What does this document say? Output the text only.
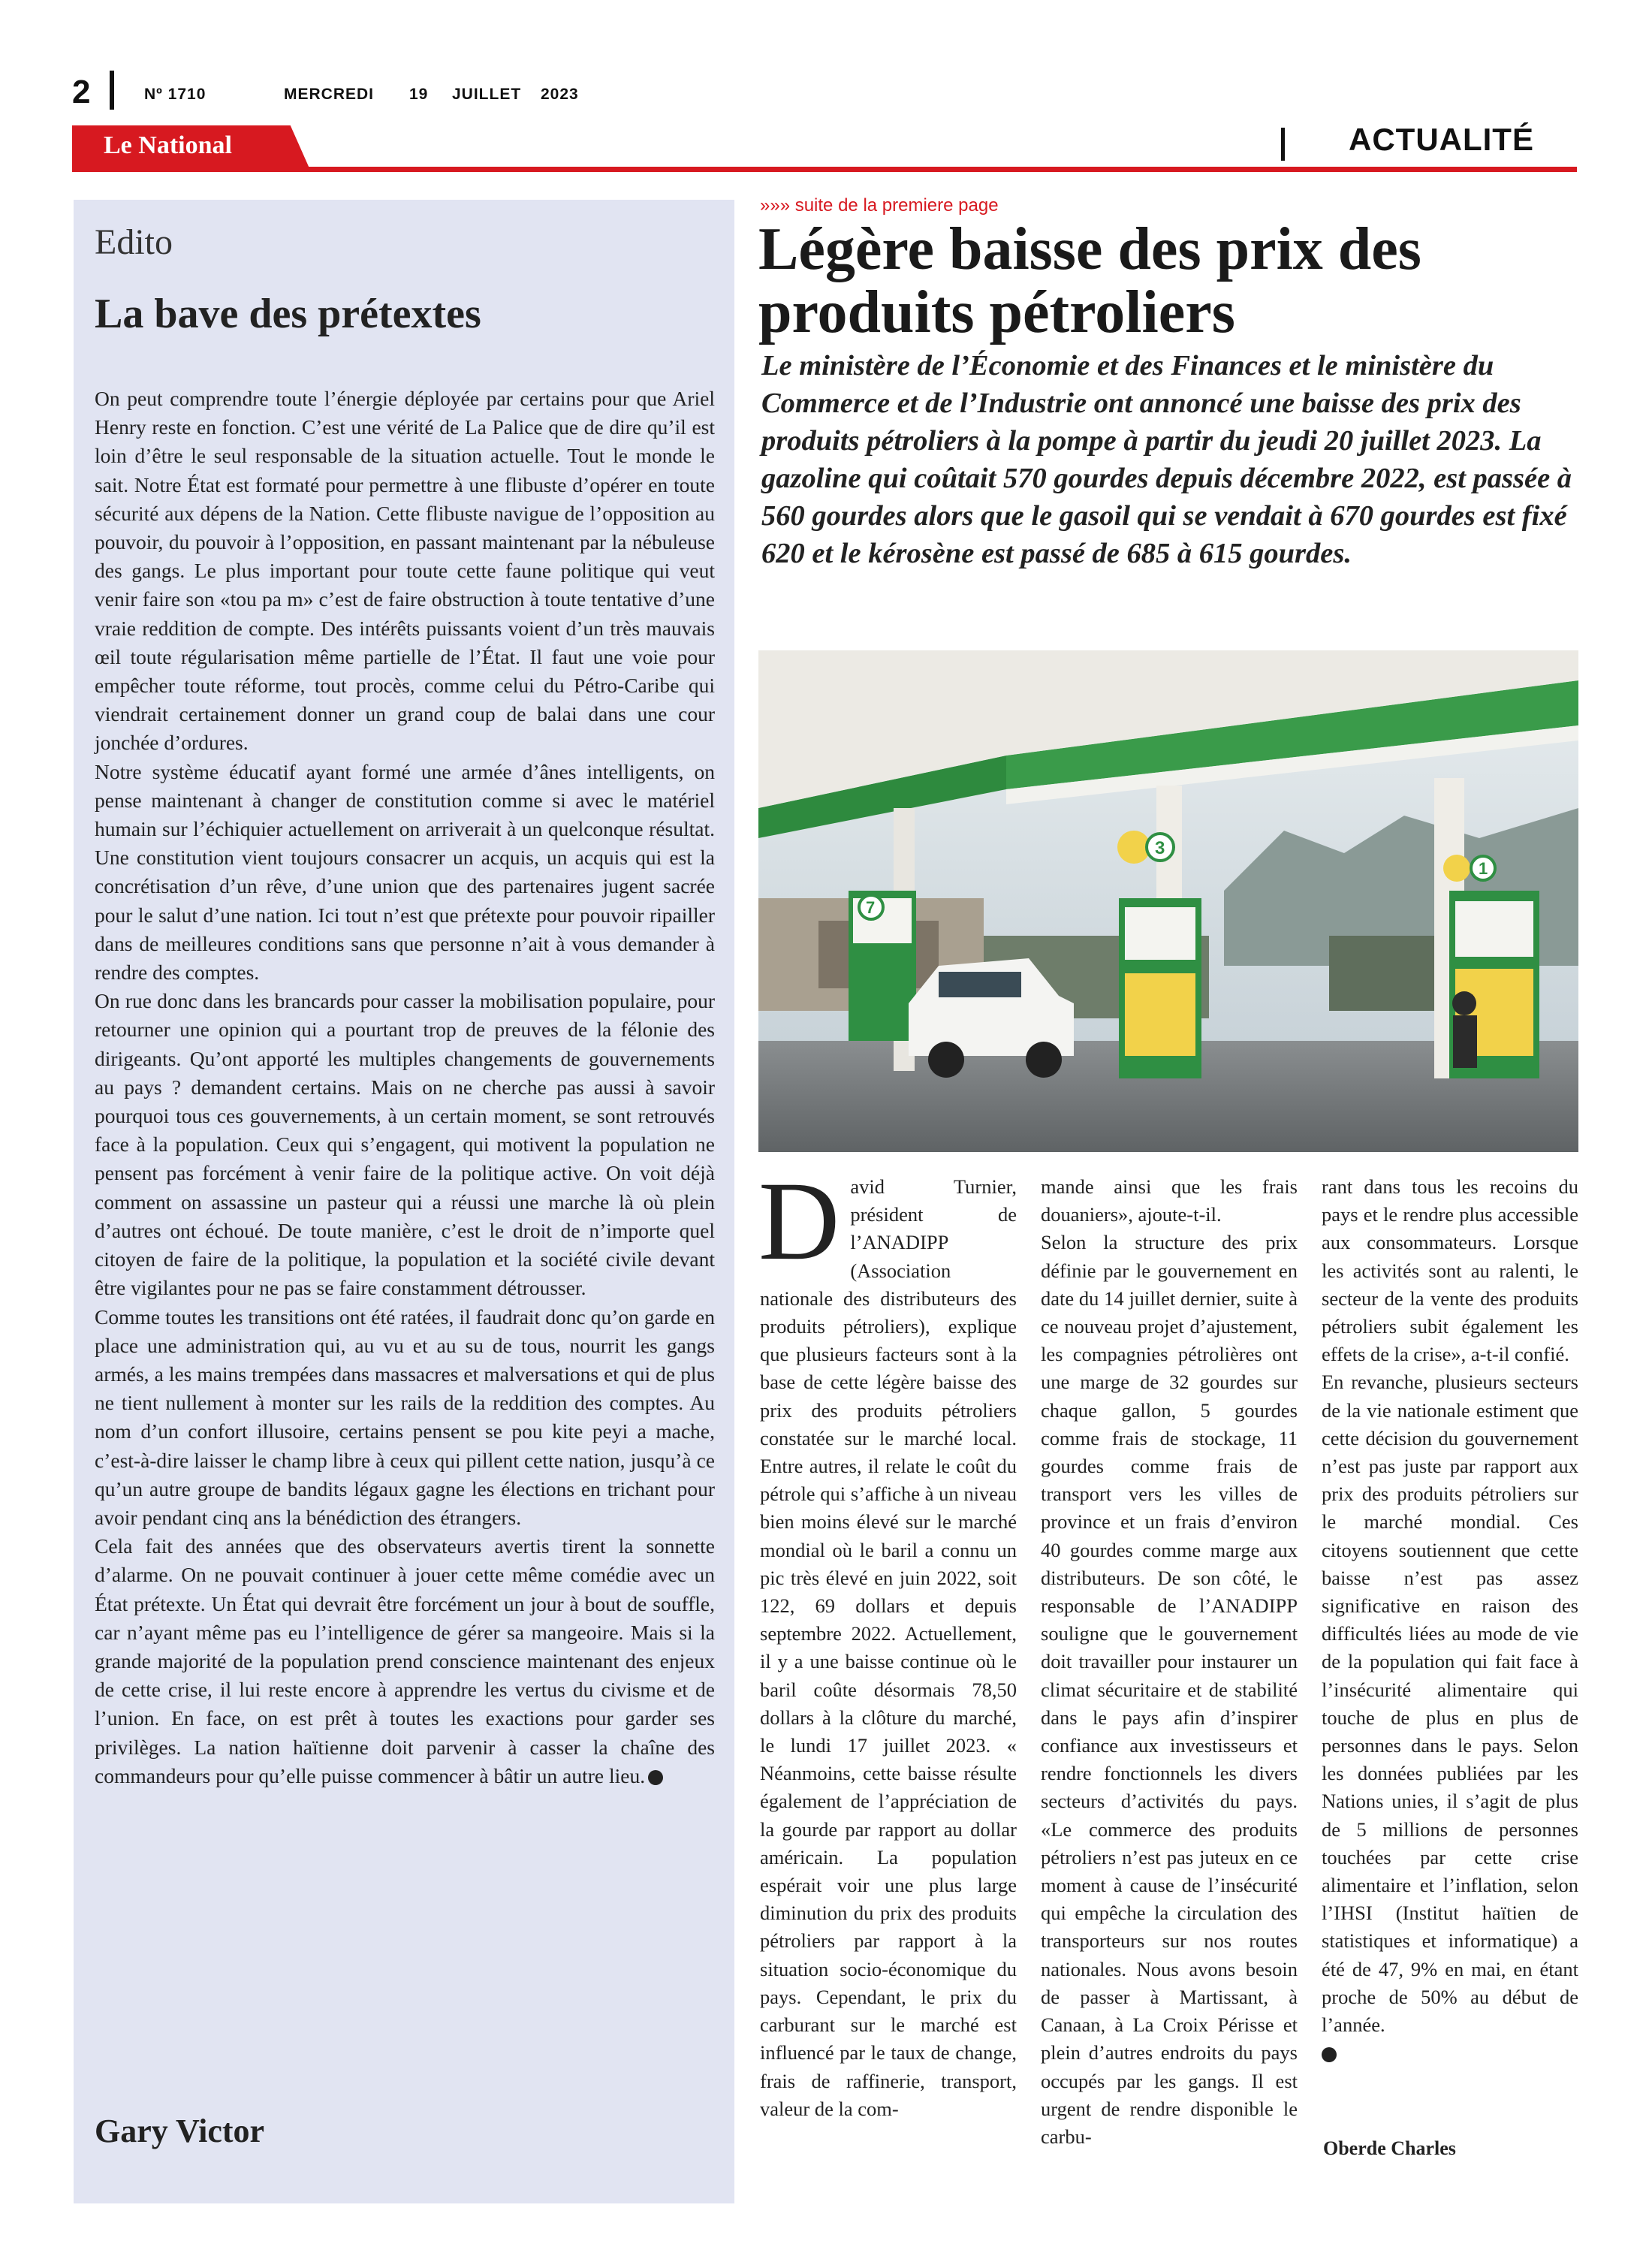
2	Nº 1710	MERCREDI 19 JUILLET 2023
Le National	ACTUALITÉ
Edito
La bave des prétextes

On peut comprendre toute l’énergie déployée par certains pour que Ariel Henry reste en fonction. C’est une vérité de La Palice que de dire qu’il est loin d’être le seul responsable de la situation actuelle. Tout le monde le sait. Notre État est formaté pour permettre à une flibuste d’opérer en toute sécurité aux dépens de la Nation. Cette flibuste navigue de l’opposition au pouvoir, du pouvoir à l’opposition, en passant maintenant par la nébuleuse des gangs. Le plus important pour toute cette faune politique qui veut venir faire son «tou pa m» c’est de faire obstruction à toute tentative d’une vraie reddition de compte. Des intérêts puissants voient d’un très mauvais œil toute régularisation même partielle de l’État. Il faut une voie pour empêcher toute réforme, tout procès, comme celui du Pétro-Caribe qui viendrait certainement donner un grand coup de balai dans une cour jonchée d’ordures.

Notre système éducatif ayant formé une armée d’ânes intelligents, on pense maintenant à changer de constitution comme si avec le matériel humain sur l’échiquier actuellement on arriverait à un quelconque résultat. Une constitution vient toujours consacrer un acquis, un acquis qui est la concrétisation d’un rêve, d’une union que des partenaires jugent sacrée pour le salut d’une nation. Ici tout n’est que prétexte pour pouvoir ripailler dans de meilleures conditions sans que personne n’ait à vous demander à rendre des comptes.

On rue donc dans les brancards pour casser la mobilisation populaire, pour retourner une opinion qui a pourtant trop de preuves de la félonie des dirigeants. Qu’ont apporté les multiples changements de gouvernements au pays ? demandent certains. Mais on ne cherche pas aussi à savoir pourquoi tous ces gouvernements, à un certain moment, se sont retrouvés face à la population. Ceux qui s’engagent, qui motivent la population ne pensent pas forcément à venir faire de la politique active. On voit déjà comment on assassine un pasteur qui a réussi une marche là où plein d’autres ont échoué. De toute manière, c’est le droit de n’importe quel citoyen de faire de la politique, la population et la société civile devant être vigilantes pour ne pas se faire constamment détrousser.

Comme toutes les transitions ont été ratées, il faudrait donc qu’on garde en place une administration qui, au vu et au su de tous, nourrit les gangs armés, a les mains trempées dans massacres et malversations et qui de plus ne tient nullement à monter sur les rails de la reddition des comptes. Au nom d’un confort illusoire, certains pensent se pou kite peyi a mache, c’est-à-dire laisser le champ libre à ceux qui pillent cette nation, jusqu’à ce qu’un autre groupe de bandits légaux gagne les élections en trichant pour avoir pendant cinq ans la bénédiction des étrangers.

Cela fait des années que des observateurs avertis tirent la sonnette d’alarme. On ne pouvait continuer à jouer cette même comédie avec un État prétexte. Un État qui devrait être forcément un jour à bout de souffle, car n’ayant même pas eu l’intelligence de gérer sa mangeoire. Mais si la grande majorité de la population prend conscience maintenant des enjeux de cette crise, il lui reste encore à apprendre les vertus du civisme et de l’union. En face, on est prêt à toutes les exactions pour garder ses privilèges. La nation haïtienne doit parvenir à casser la chaîne des commandeurs pour qu’elle puisse commencer à bâtir un autre lieu.

Gary Victor
»»» suite de la premiere page
Légère baisse des prix des produits pétroliers
Le ministère de l’Économie et des Finances et le ministère du Commerce et de l’Industrie ont annoncé une baisse des prix des produits pétroliers à la pompe à partir du jeudi 20 juillet 2023. La gazoline qui coûtait 570 gourdes depuis décembre 2022, est passée à 560 gourdes alors que le gasoil qui se vendait à 670 gourdes est fixé 620 et le kérosène est passé de 685 à 615 gourdes.
3
7
1

David Turnier, président de l’ANADIPP (Association nationale des distributeurs des produits pétroliers), explique que plusieurs facteurs sont à la base de cette légère baisse des prix des produits pétroliers constatée sur le marché local. Entre autres, il relate le coût du pétrole qui s’affiche à un niveau bien moins élevé sur le marché mondial où le baril a connu un pic très élevé en juin 2022, soit 122, 69 dollars et depuis septembre 2022. Actuellement, il y a une baisse continue où le baril coûte désormais 78,50 dollars à la clôture du marché, le lundi 17 juillet 2023. « Néanmoins, cette baisse résulte également de l’appréciation de la gourde par rapport au dollar américain. La population espérait voir une plus large diminution du prix des produits pétroliers par rapport à la situation socio-économique du pays. Cependant, le prix du carburant sur le marché est influencé par le taux de change, frais de raffinerie, transport, valeur de la com-

mande ainsi que les frais douaniers», ajoute-t-il.

Selon la structure des prix définie par le gouvernement en date du 14 juillet dernier, suite à ce nouveau projet d’ajustement, les compagnies pétrolières ont une marge de 32 gourdes sur chaque gallon, 5 gourdes comme frais de stockage, 11 gourdes comme frais de transport vers les villes de province et un frais d’environ 40 gourdes comme marge aux distributeurs. De son côté, le responsable de l’ANADIPP souligne que le gouvernement doit travailler pour instaurer un climat sécuritaire et de stabilité dans le pays afin d’inspirer confiance aux investisseurs et rendre fonctionnels les divers secteurs d’activités du pays. «Le commerce des produits pétroliers n’est pas juteux en ce moment à cause de l’insécurité qui empêche la circulation des transporteurs sur nos routes nationales. Nous avons besoin de passer à Martissant, à Canaan, à La Croix Périsse et plein d’autres endroits du pays occupés par les gangs. Il est urgent de rendre disponible le carbu-

rant dans tous les recoins du pays et le rendre plus accessible aux consommateurs. Lorsque les activités sont au ralenti, le secteur de la vente des produits pétroliers subit également les effets de la crise», a-t-il confié.

En revanche, plusieurs secteurs de la vie nationale estiment que cette décision du gouvernement n’est pas juste par rapport aux prix des produits pétroliers sur le marché mondial. Ces citoyens soutiennent que cette baisse n’est pas assez significative en raison des difficultés liées au mode de vie de la population qui fait face à l’insécurité alimentaire qui touche de plus en plus de personnes dans le pays. Selon les données publiées par les Nations unies, il s’agit de plus de 5 millions de personnes touchées par cette crise alimentaire et l’inflation, selon l’IHSI (Institut haïtien de statistiques et informatique) a été de 47, 9% en mai, en étant proche de 50% au début de l’année.

Oberde Charles
